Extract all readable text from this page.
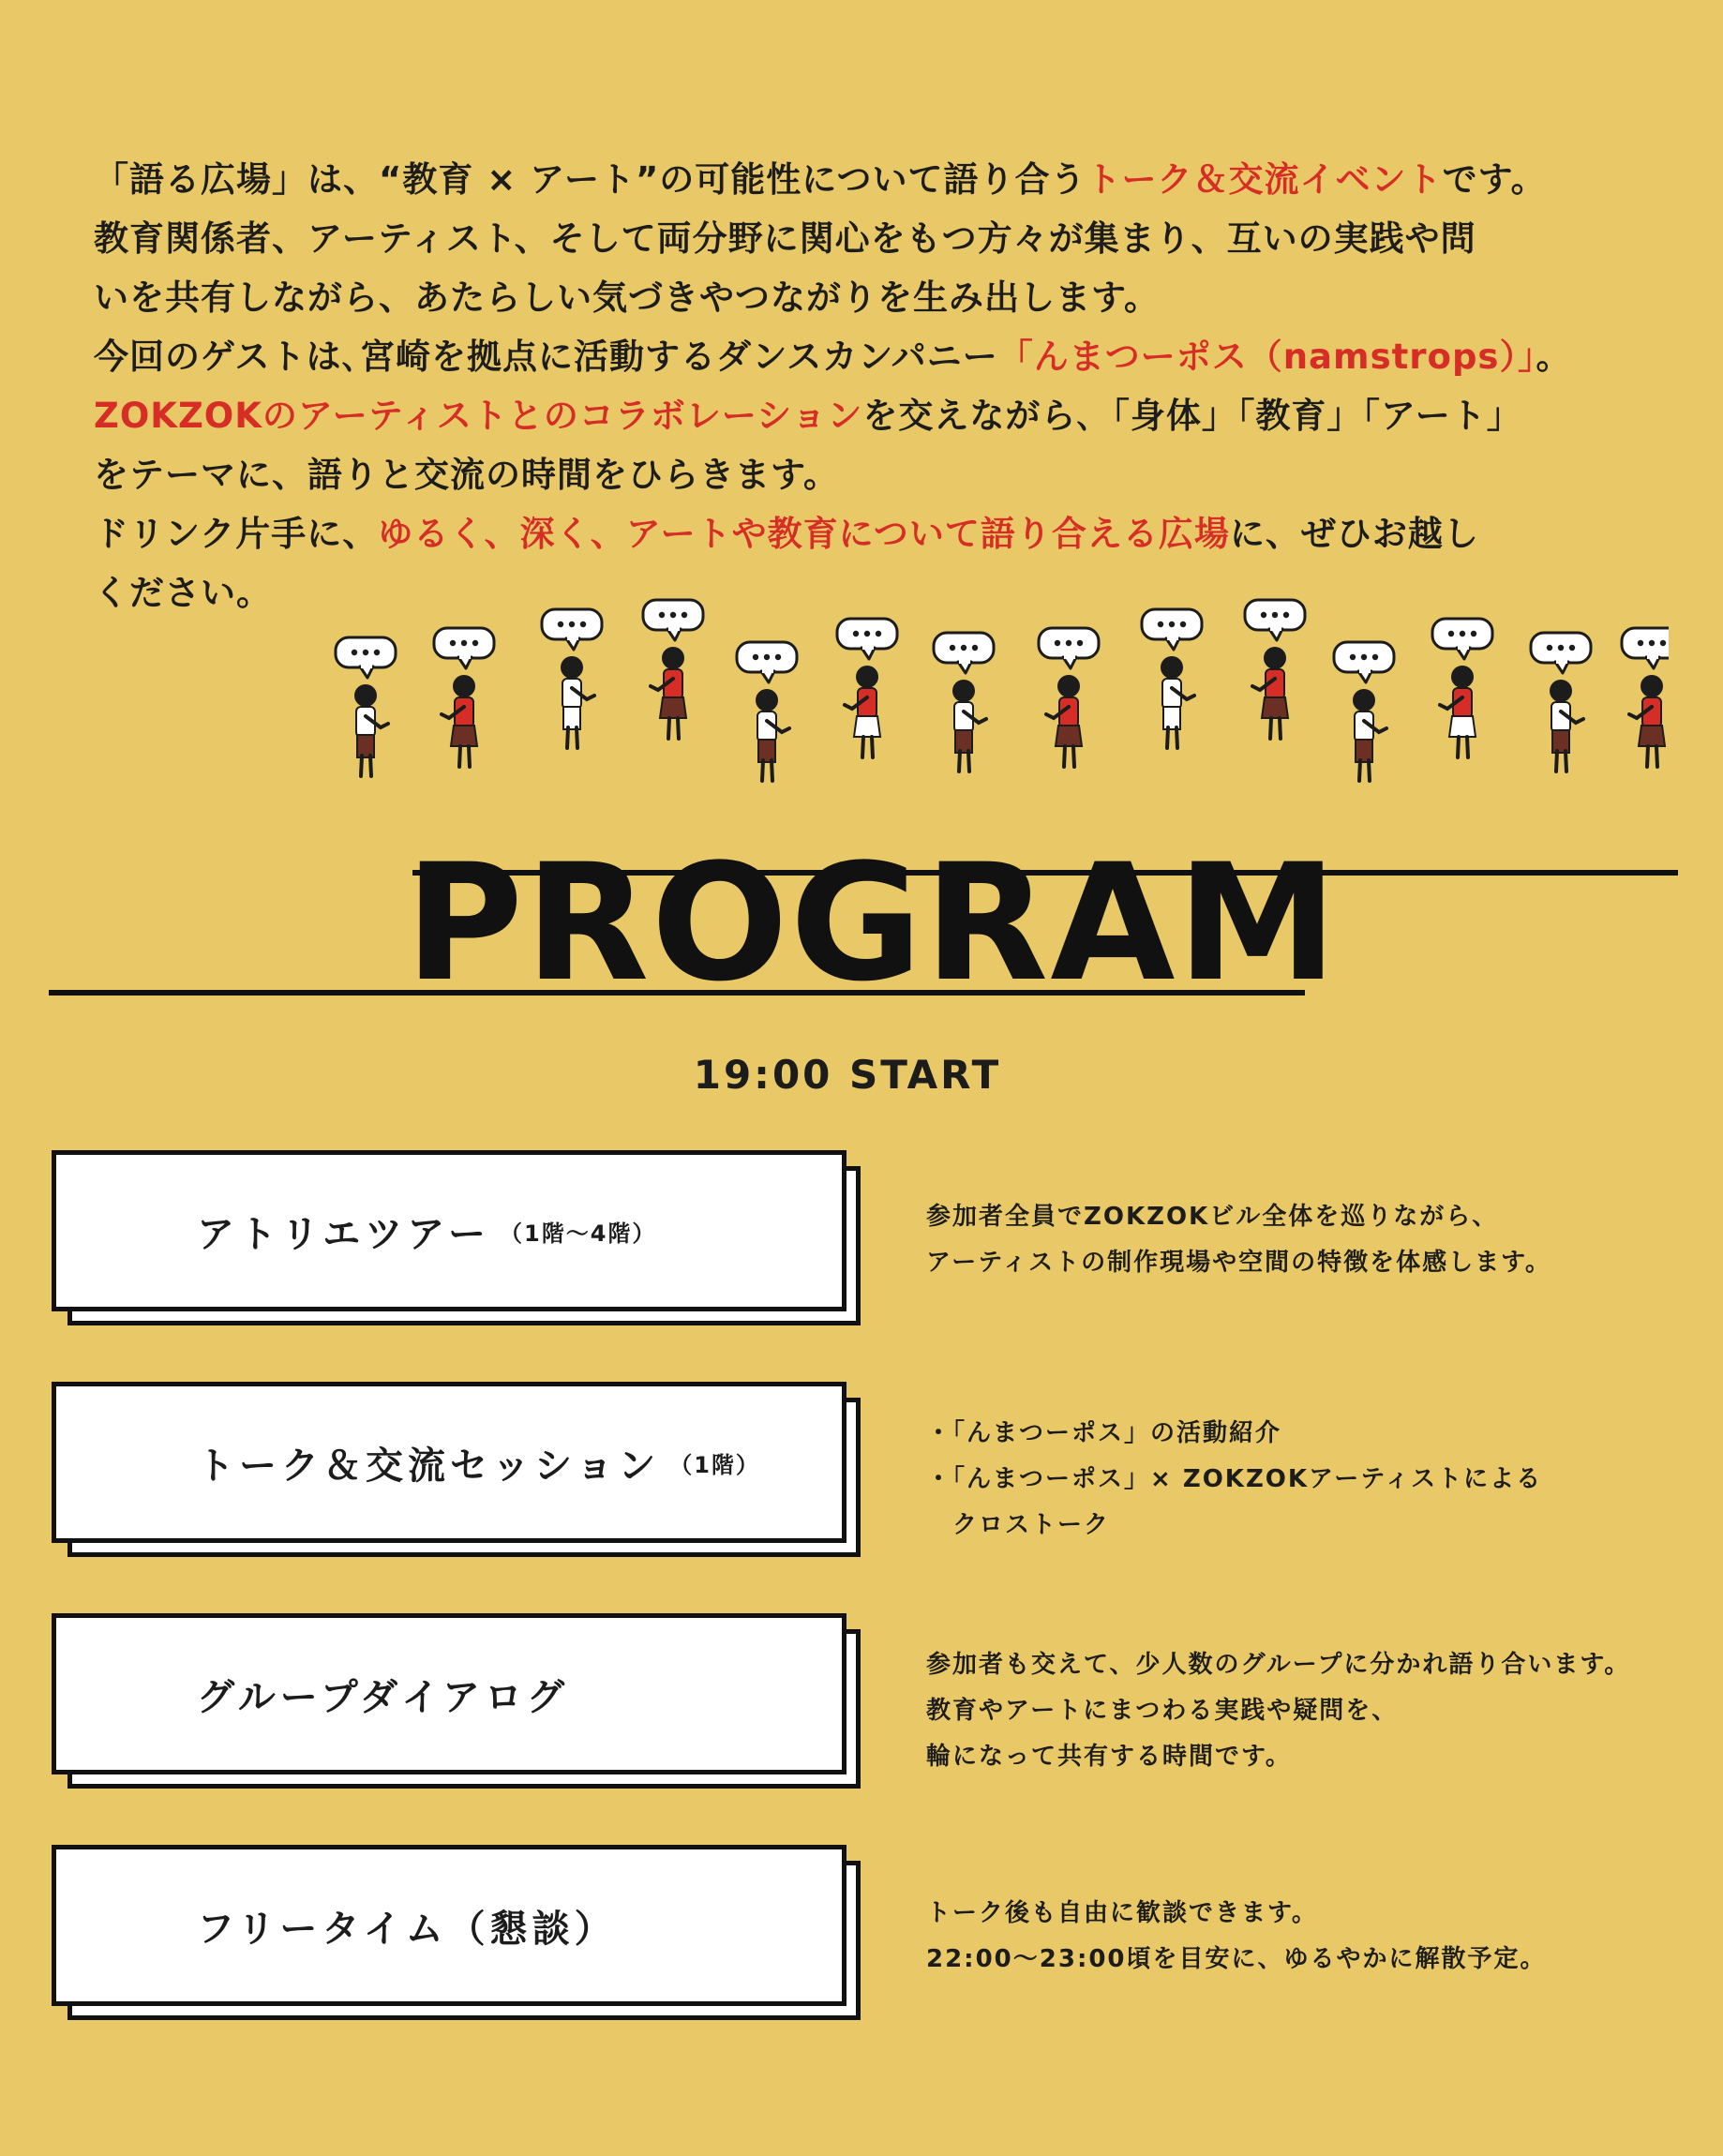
「語る広場」は、“教育 × アート”の可能性について語り合うトーク＆交流イベントです。
教育関係者、アーティスト、そして両分野に関心をもつ方々が集まり、互いの実践や問
いを共有しながら、あたらしい気づきやつながりを生み出します。
今回のゲストは､宮崎を拠点に活動するダンスカンパニー「んまつーポス（namstrops）」。
ZOKZOKのアーティストとのコラボレーションを交えながら､「身体」「教育」「アート」
をテーマに、語りと交流の時間をひらきます。
ドリンク片手に、ゆるく、深く、アートや教育について語り合える広場に、ぜひお越し
ください。
PROGRAM
19:00 START
アトリエツアー （1階～4階）
参加者全員でZOKZOKビル全体を巡りながら、
アーティストの制作現場や空間の特徴を体感します。
トーク＆交流セッション （1階）
・「んまつーポス」の活動紹介
・「んまつーポス」× ZOKZOKアーティストによる
　クロストーク
グループダイアログ
参加者も交えて、少人数のグループに分かれ語り合います。
教育やアートにまつわる実践や疑問を、
輪になって共有する時間です。
フリータイム（懇談）	トーク後も自由に歓談できます。
22:00～23:00頃を目安に、ゆるやかに解散予定。
